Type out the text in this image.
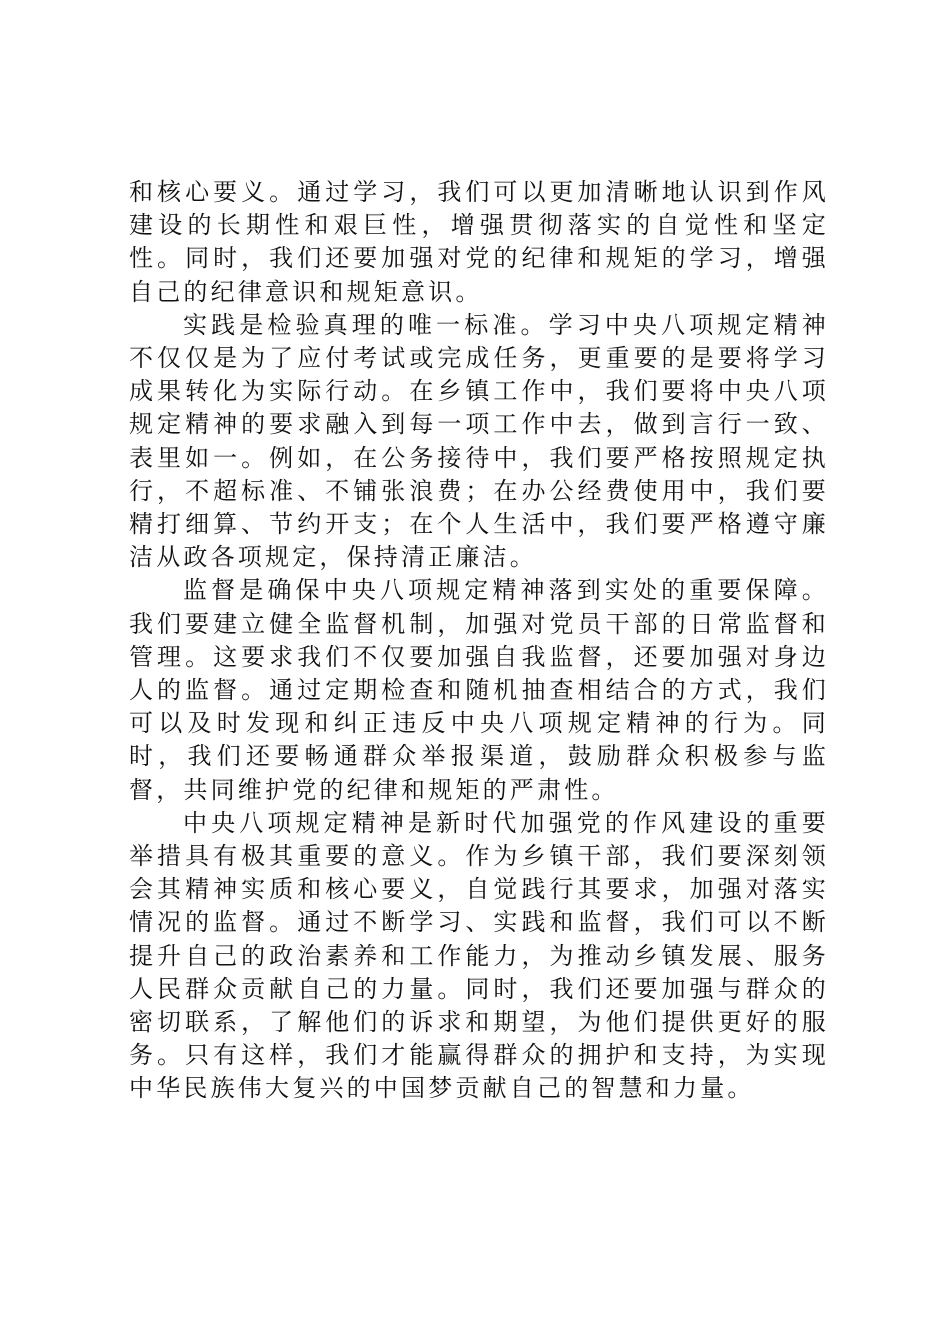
和核心要义。通过学习，我们可以更加清晰地认识到作风建设的长期性和艰巨性，增强贯彻落实的自觉性和坚定性。同时，我们还要加强对党的纪律和规矩的学习，增强自己的纪律意识和规矩意识。

实践是检验真理的唯一标准。学习中央八项规定精神不仅仅是为了应付考试或完成任务，更重要的是要将学习成果转化为实际行动。在乡镇工作中，我们要将中央八项规定精神的要求融入到每一项工作中去，做到言行一致、表里如一。例如，在公务接待中，我们要严格按照规定执行，不超标准、不铺张浪费；在办公经费使用中，我们要精打细算、节约开支；在个人生活中，我们要严格遵守廉洁从政各项规定，保持清正廉洁。

监督是确保中央八项规定精神落到实处的重要保障。我们要建立健全监督机制，加强对党员干部的日常监督和管理。这要求我们不仅要加强自我监督，还要加强对身边人的监督。通过定期检查和随机抽查相结合的方式，我们可以及时发现和纠正违反中央八项规定精神的行为。同时，我们还要畅通群众举报渠道，鼓励群众积极参与监督，共同维护党的纪律和规矩的严肃性。

中央八项规定精神是新时代加强党的作风建设的重要举措具有极其重要的意义。作为乡镇干部，我们要深刻领会其精神实质和核心要义，自觉践行其要求，加强对落实情况的监督。通过不断学习、实践和监督，我们可以不断提升自己的政治素养和工作能力，为推动乡镇发展、服务人民群众贡献自己的力量。同时，我们还要加强与群众的密切联系，了解他们的诉求和期望，为他们提供更好的服务。只有这样，我们才能赢得群众的拥护和支持，为实现中华民族伟大复兴的中国梦贡献自己的智慧和力量。
